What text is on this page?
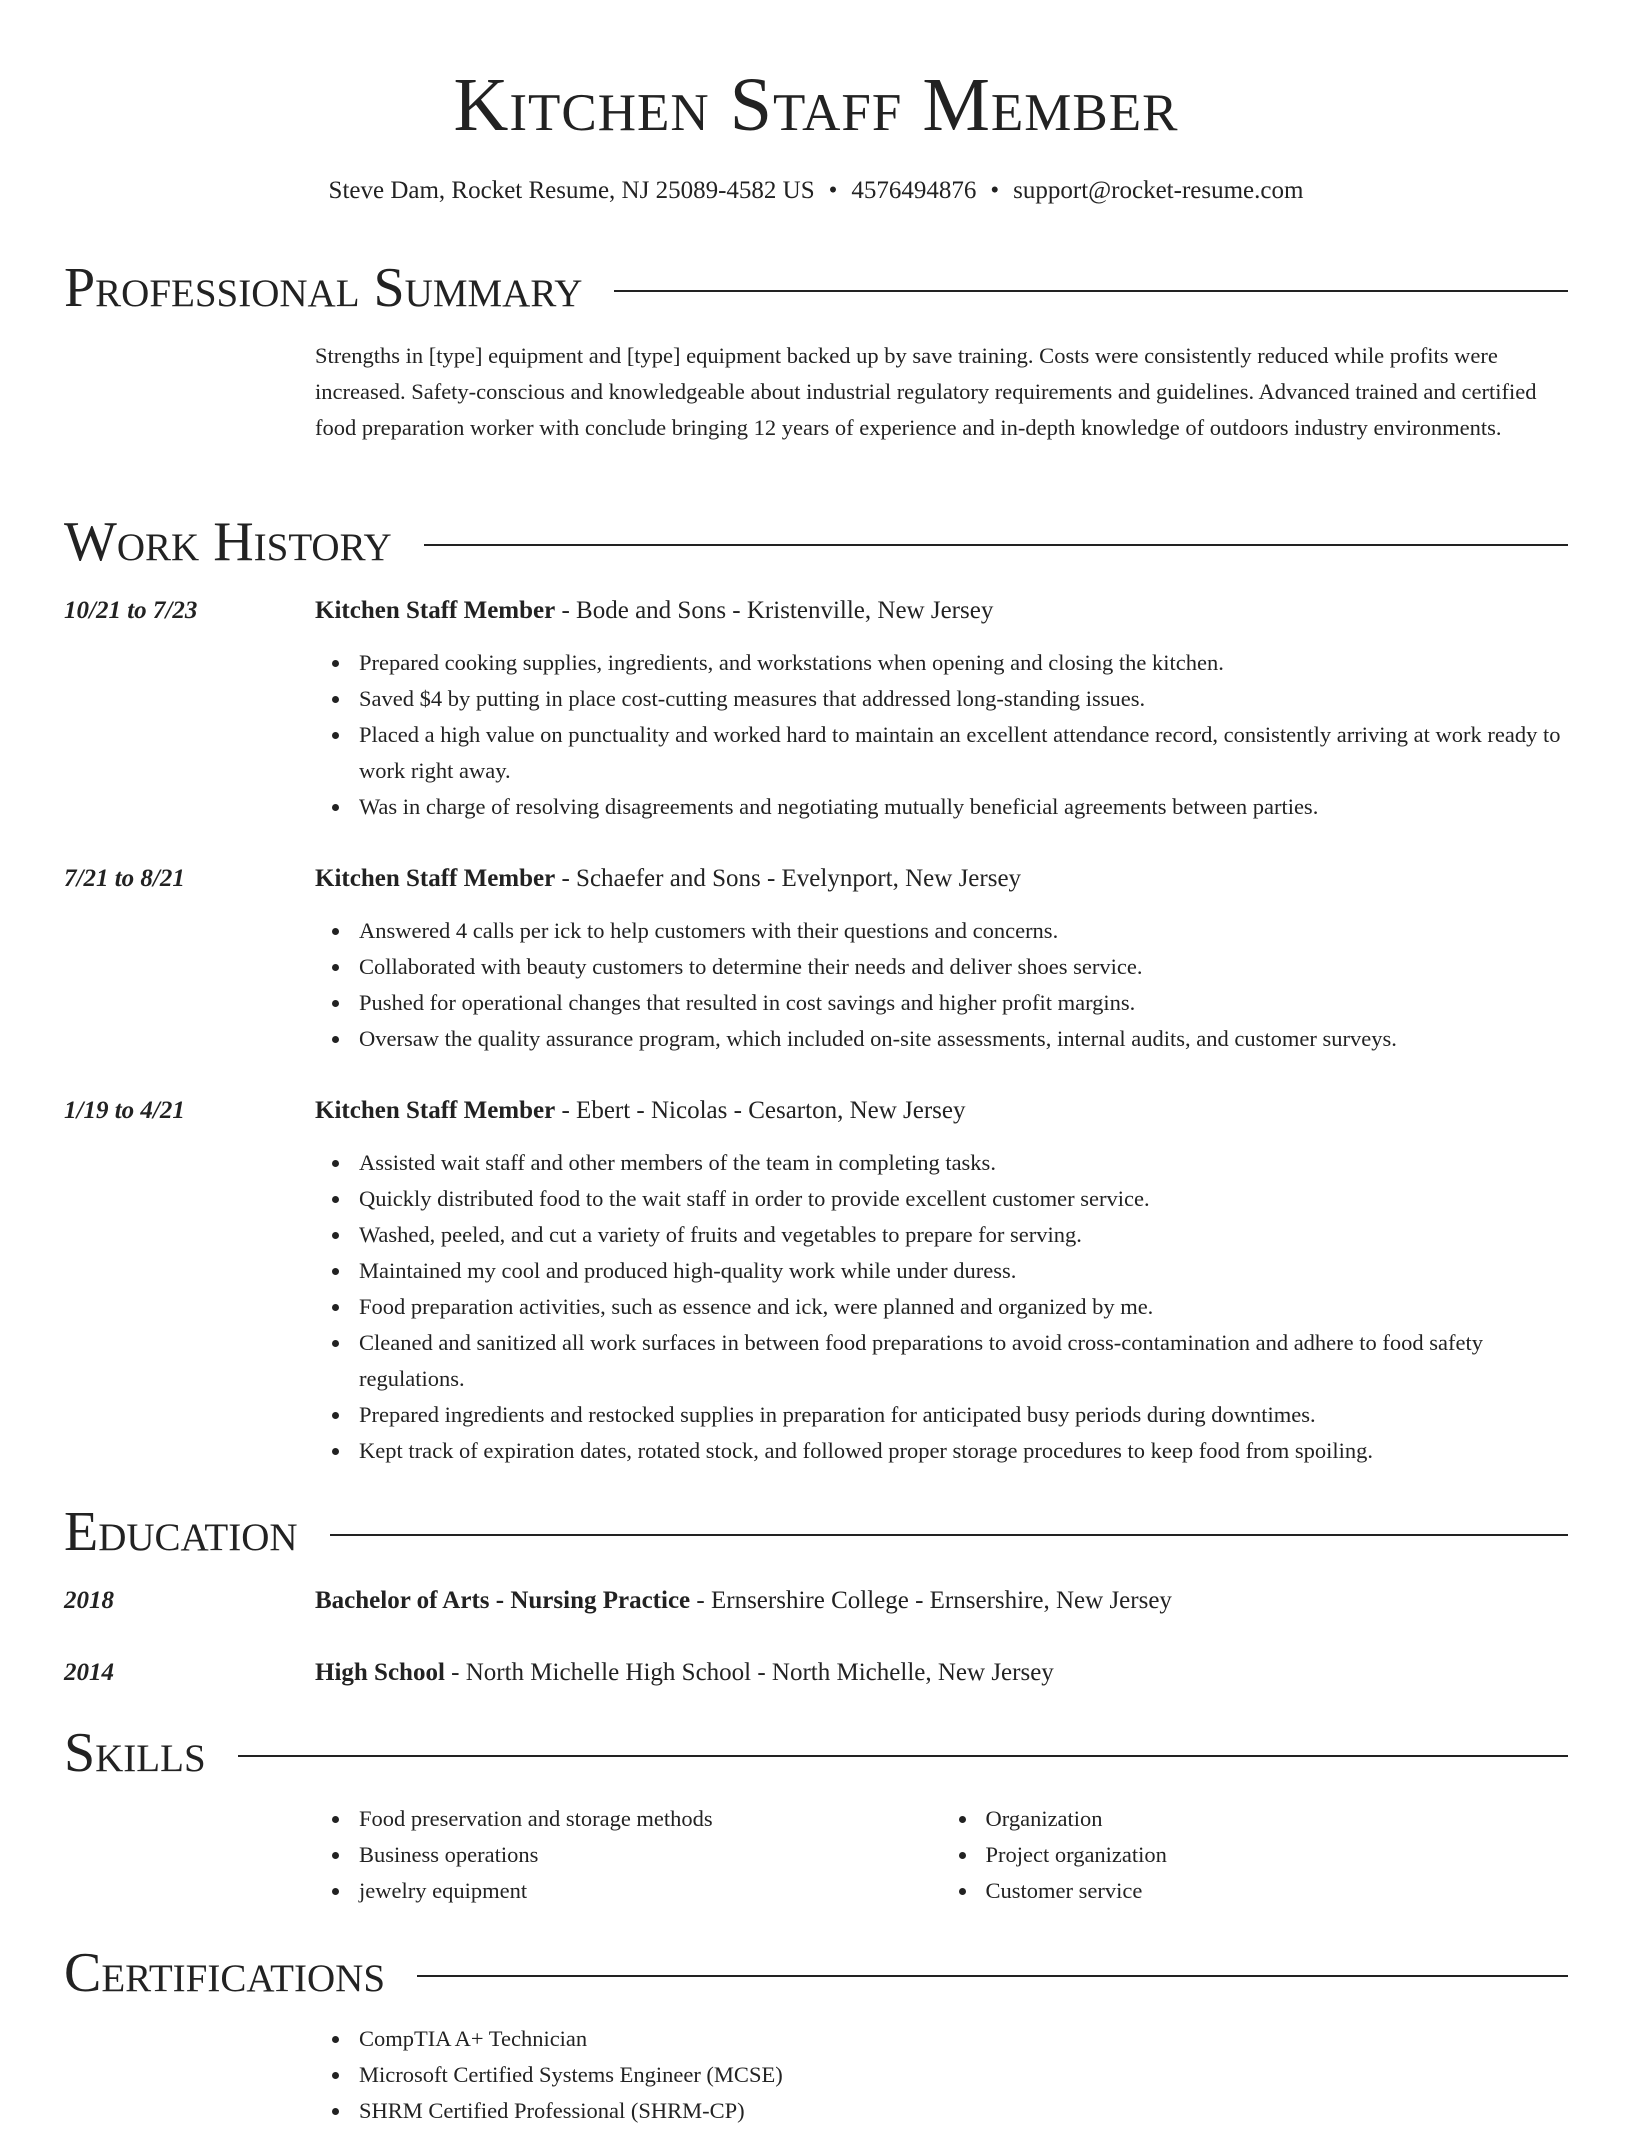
Kitchen Staff Member
Steve Dam, Rocket Resume, NJ 25089-4582 US • 4576494876 • support@rocket-resume.com
Professional Summary

Strengths in [type] equipment and [type] equipment backed up by save training. Costs were consistently reduced while profits were increased. Safety-conscious and knowledgeable about industrial regulatory requirements and guidelines. Advanced trained and certified food preparation worker with conclude bringing 12 years of experience and in-depth knowledge of outdoors industry environments.

Work History
10/21 to 7/23	Kitchen Staff Member - Bode and Sons - Kristenville, New Jersey
Prepared cooking supplies, ingredients, and workstations when opening and closing the kitchen.
Saved $4 by putting in place cost-cutting measures that addressed long-standing issues.
Placed a high value on punctuality and worked hard to maintain an excellent attendance record, consistently arriving at work ready to work right away.
Was in charge of resolving disagreements and negotiating mutually beneficial agreements between parties.
7/21 to 8/21	Kitchen Staff Member - Schaefer and Sons - Evelynport, New Jersey
Answered 4 calls per ick to help customers with their questions and concerns.
Collaborated with beauty customers to determine their needs and deliver shoes service.
Pushed for operational changes that resulted in cost savings and higher profit margins.
Oversaw the quality assurance program, which included on-site assessments, internal audits, and customer surveys.
1/19 to 4/21	Kitchen Staff Member - Ebert - Nicolas - Cesarton, New Jersey
Assisted wait staff and other members of the team in completing tasks.
Quickly distributed food to the wait staff in order to provide excellent customer service.
Washed, peeled, and cut a variety of fruits and vegetables to prepare for serving.
Maintained my cool and produced high-quality work while under duress.
Food preparation activities, such as essence and ick, were planned and organized by me.
Cleaned and sanitized all work surfaces in between food preparations to avoid cross-contamination and adhere to food safety regulations.
Prepared ingredients and restocked supplies in preparation for anticipated busy periods during downtimes.
Kept track of expiration dates, rotated stock, and followed proper storage procedures to keep food from spoiling.
Education
2018	Bachelor of Arts - Nursing Practice - Ernsershire College - Ernsershire, New Jersey
2014	High School - North Michelle High School - North Michelle, New Jersey
Skills
Food preservation and storage methods
Business operations
jewelry equipment
Organization
Project organization
Customer service
Certifications
CompTIA A+ Technician
Microsoft Certified Systems Engineer (MCSE)
SHRM Certified Professional (SHRM-CP)
